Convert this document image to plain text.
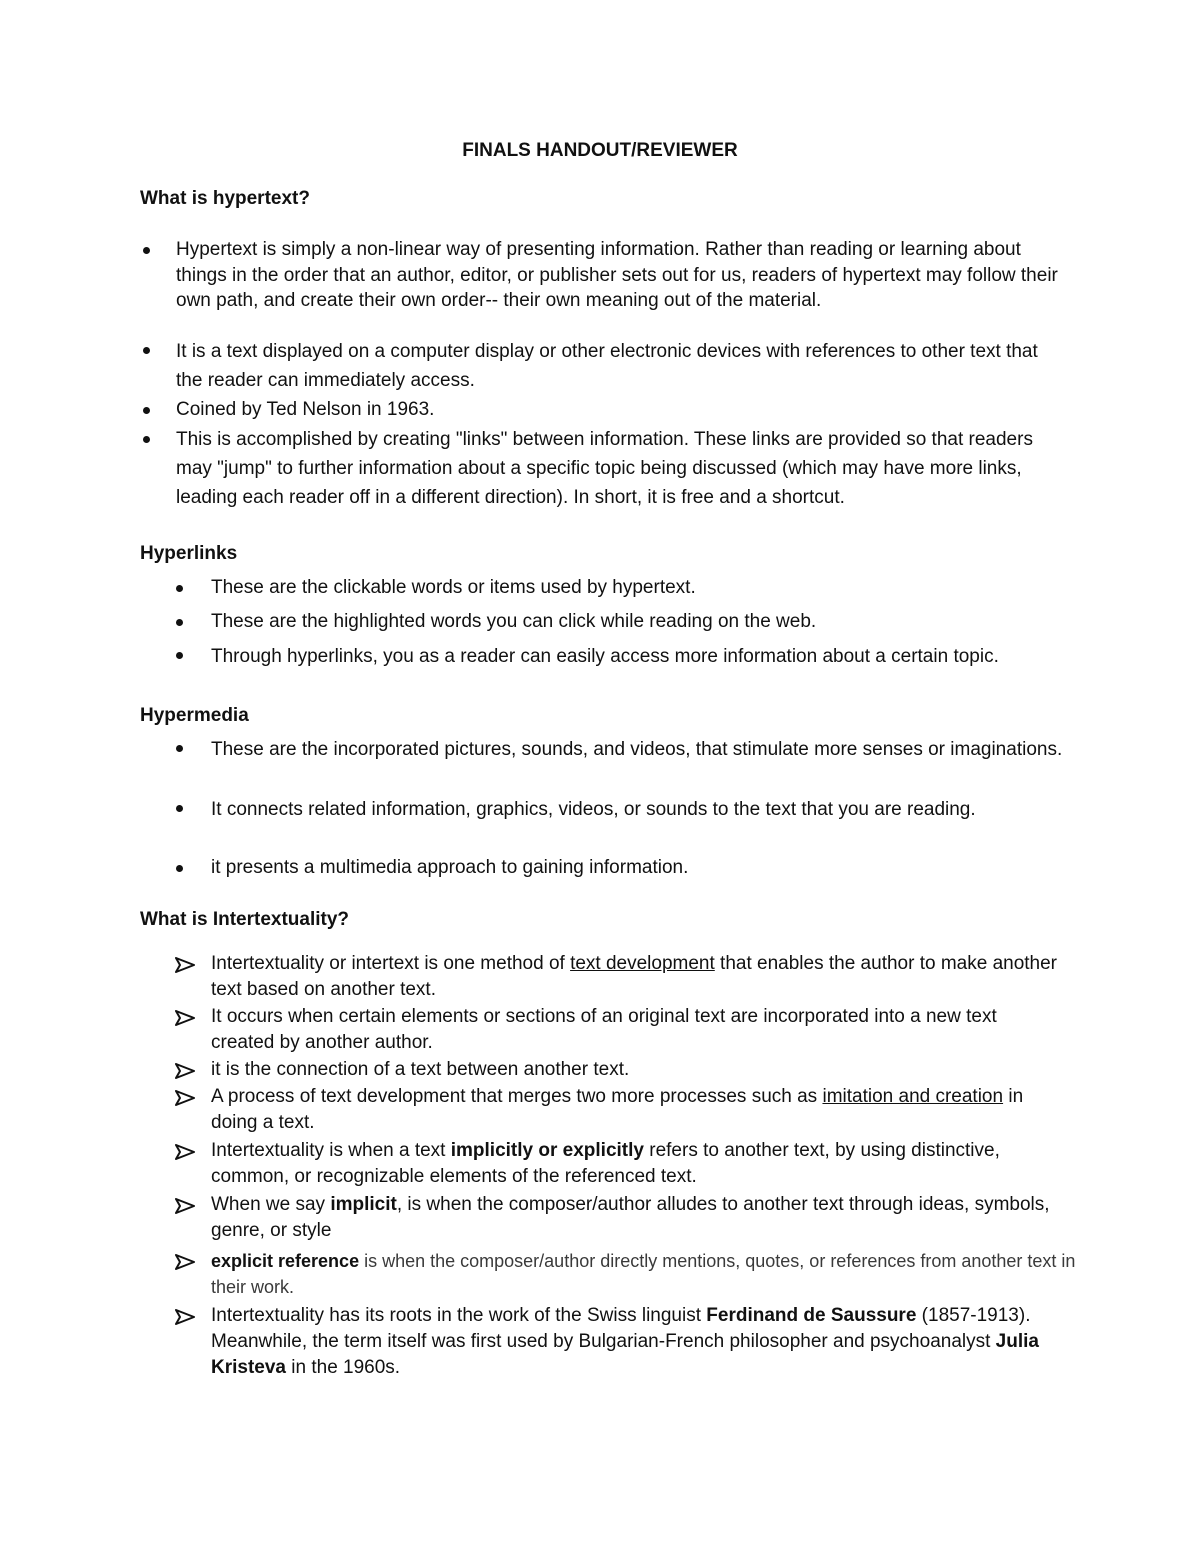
FINALS HANDOUT/REVIEWER
What is hypertext?
Hypertext is simply a non-linear way of presenting information. Rather than reading or learning about things in the order that an author, editor, or publisher sets out for us, readers of hypertext may follow their own path, and create their own order-- their own meaning out of the material.
It is a text displayed on a computer display or other electronic devices with references to other text that the reader can immediately access.
Coined by Ted Nelson in 1963.
This is accomplished by creating "links" between information. These links are provided so that readers may "jump" to further information about a specific topic being discussed (which may have more links, leading each reader off in a different direction). In short, it is free and a shortcut.
Hyperlinks
These are the clickable words or items used by hypertext.
These are the highlighted words you can click while reading on the web.
Through hyperlinks, you as a reader can easily access more information about a certain topic.
Hypermedia
These are the incorporated pictures, sounds, and videos, that stimulate more senses or imaginations.
It connects related information, graphics, videos, or sounds to the text that you are reading.
it presents a multimedia approach to gaining information.
What is Intertextuality?
Intertextuality or intertext is one method of text development that enables the author to make another text based on another text.
It occurs when certain elements or sections of an original text are incorporated into a new text created by another author.
it is the connection of a text between another text.
A process of text development that merges two more processes such as imitation and creation in doing a text.
Intertextuality is when a text implicitly or explicitly refers to another text, by using distinctive, common, or recognizable elements of the referenced text.
When we say implicit, is when the composer/author alludes to another text through ideas, symbols, genre, or style
explicit reference is when the composer/author directly mentions, quotes, or references from another text in their work.
Intertextuality has its roots in the work of the Swiss linguist Ferdinand de Saussure (1857-1913). Meanwhile, the term itself was first used by Bulgarian-French philosopher and psychoanalyst Julia Kristeva in the 1960s.
